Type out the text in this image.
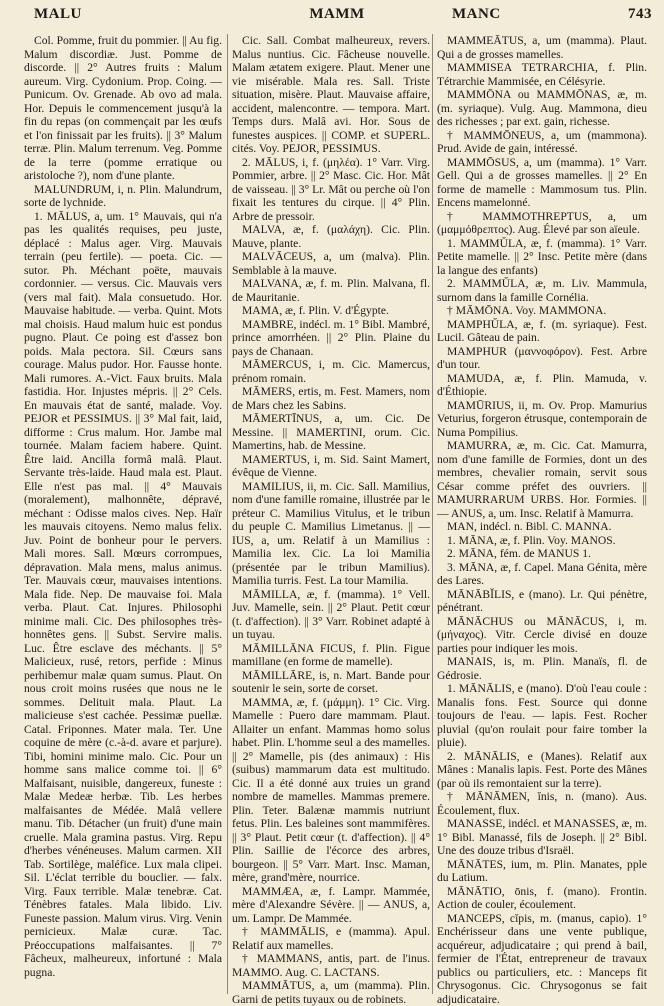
MALU	MAMM	MANC	743

Col. Pomme, fruit du pommier. || Au fig. Malum discordiæ. Just. Pomme de discorde. || 2° Autres fruits : Malum aureum. Virg. Cydonium. Prop. Coing. — Punicum. Ov. Grenade. Ab ovo ad mala. Hor. Depuis le commencement jusqu'à la fin du repas (on commençait par les œufs et l'on finissait par les fruits). || 3° Malum terræ. Plin. Malum terrenum. Veg. Pomme de la terre (pomme erratique ou aristoloche ?), nom d'une plante.

MALUNDRUM, i, n. Plin. Malundrum, sorte de lychnide.

1. MĀLUS, a, um. 1° Mauvais, qui n'a pas les qualités requises, peu juste, déplacé : Malus ager. Virg. Mauvais terrain (peu fertile). — poeta. Cic. — sutor. Ph. Méchant poëte, mauvais cordonnier. — versus. Cic. Mauvais vers (vers mal fait). Mala consuetudo. Hor. Mauvaise habitude. — verba. Quint. Mots mal choisis. Haud malum huic est pondus pugno. Plaut. Ce poing est d'assez bon poids. Mala pectora. Sil. Cœurs sans courage. Malus pudor. Hor. Fausse honte. Mali rumores. A.-Vict. Faux bruits. Mala fastidia. Hor. Injustes mépris. || 2° Cels. En mauvais état de santé, malade. Voy. PEJOR et PESSIMUS. || 3° Mal fait, laid, difforme : Crus malum. Hor. Jambe mal tournée. Malam faciem habere. Quint. Être laid. Ancilla formâ malâ. Plaut. Servante très-laide. Haud mala est. Plaut. Elle n'est pas mal. || 4° Mauvais (moralement), malhonnête, dépravé, méchant : Odisse malos cives. Nep. Haïr les mauvais citoyens. Nemo malus felix. Juv. Point de bonheur pour le pervers. Mali mores. Sall. Mœurs corrompues, dépravation. Mala mens, malus animus. Ter. Mauvais cœur, mauvaises intentions. Mala fide. Nep. De mauvaise foi. Mala verba. Plaut. Cat. Injures. Philosophi minime mali. Cic. Des philosophes très-honnêtes gens. || Subst. Servire malis. Luc. Être esclave des méchants. || 5° Malicieux, rusé, retors, perfide : Minus perhibemur malæ quam sumus. Plaut. On nous croit moins rusées que nous ne le sommes. Delituit mala. Plaut. La malicieuse s'est cachée. Pessimæ puellæ. Catal. Friponnes. Mater mala. Ter. Une coquine de mère (c.-à-d. avare et parjure). Tibi, homini minime malo. Cic. Pour un homme sans malice comme toi. || 6° Malfaisant, nuisible, dangereux, funeste : Malæ Medeæ herbæ. Tib. Les herbes malfaisantes de Médée. Malâ vellere manu. Tib. Détacher (un fruit) d'une main cruelle. Mala gramina pastus. Virg. Repu d'herbes vénéneuses. Malum carmen. XII Tab. Sortilège, maléfice. Lux mala clipei. Sil. L'éclat terrible du bouclier. — falx. Virg. Faux terrible. Malæ tenebræ. Cat. Ténèbres fatales. Mala libido. Liv. Funeste passion. Malum virus. Virg. Venin pernicieux. Malæ curæ. Tac. Préoccupations malfaisantes. || 7° Fâcheux, malheureux, infortuné : Mala pugna.

Cic. Sall. Combat malheureux, revers. Malus nuntius. Cic. Fâcheuse nouvelle. Malam ætatem exigere. Plaut. Mener une vie misérable. Mala res. Sall. Triste situation, misère. Plaut. Mauvaise affaire, accident, malencontre. — tempora. Mart. Temps durs. Malâ avi. Hor. Sous de funestes auspices. || COMP. et SUPERL. cités. Voy. PEJOR, PESSIMUS.

2. MĀLUS, i, f. (μηλέα). 1° Varr. Virg. Pommier, arbre. || 2° Masc. Cic. Hor. Mât de vaisseau. || 3° Lr. Mât ou perche où l'on fixait les tentures du cirque. || 4° Plin. Arbre de pressoir.

MALVA, æ, f. (μαλάχη). Cic. Plin. Mauve, plante.

MALVĀCEUS, a, um (malva). Plin. Semblable à la mauve.

MALVANA, æ, f. m. Plin. Malvana, fl. de Mauritanie.

MAMA, æ, f. Plin. V. d'Égypte.

MAMBRE, indécl. m. 1° Bibl. Mambré, prince amorrhéen. || 2° Plin. Plaine du pays de Chanaan.

MĀMERCUS, i, m. Cic. Mamercus, prénom romain.

MĀMERS, ertis, m. Fest. Mamers, nom de Mars chez les Sabins.

MĀMERTĪNUS, a, um. Cic. De Messine. || MAMERTINI, orum. Cic. Mamertins, hab. de Messine.

MAMERTUS, i, m. Sid. Saint Mamert, évêque de Vienne.

MAMILIUS, ii, m. Cic. Sall. Mamilius, nom d'une famille romaine, illustrée par le préteur C. Mamilius Vitulus, et le tribun du peuple C. Mamilius Limetanus. || — IUS, a, um. Relatif à un Mamilius : Mamilia lex. Cic. La loi Mamilia (présentée par le tribun Mamilius). Mamilia turris. Fest. La tour Mamilia.

MĀMILLA, æ, f. (mamma). 1° Vell. Juv. Mamelle, sein. || 2° Plaut. Petit cœur (t. d'affection). || 3° Varr. Robinet adapté à un tuyau.

MĀMILLĀNA FICUS, f. Plin. Figue mamillane (en forme de mamelle).

MĀMILLĀRE, is, n. Mart. Bande pour soutenir le sein, sorte de corset.

MAMMA, æ, f. (μάμμη). 1° Cic. Virg. Mamelle : Puero dare mammam. Plaut. Allaiter un enfant. Mammas homo solus habet. Plin. L'homme seul a des mamelles. || 2° Mamelle, pis (des animaux) : His (suibus) mammarum data est multitudo. Cic. Il a été donné aux truies un grand nombre de mamelles. Mammas premere. Plin. Teter. Balænæ mammis nutriunt fetus. Plin. Les baleines sont mammifères. || 3° Plaut. Petit cœur (t. d'affection). || 4° Plin. Saillie de l'écorce des arbres, bourgeon. || 5° Varr. Mart. Insc. Maman, mère, grand'mère, nourrice.

MAMMÆA, æ, f. Lampr. Mammée, mère d'Alexandre Sévère. || — ANUS, a, um. Lampr. De Mammée.

† MAMMĀLIS, e (mamma). Apul. Relatif aux mamelles.

† MAMMANS, antis, part. de l'inus. MAMMO. Aug. C. LACTANS.

MAMMĀTUS, a, um (mamma). Plin. Garni de petits tuyaux ou de robinets.

MAMMEĀTUS, a, um (mamma). Plaut. Qui a de grosses mamelles.

MAMMISEA TETRARCHIA, f. Plin. Tétrarchie Mammisée, en Célésyrie.

MAMMŌNA ou MAMMŌNAS, æ, m. (m. syriaque). Vulg. Aug. Mammona, dieu des richesses ; par ext. gain, richesse.

† MAMMŌNEUS, a, um (mammona). Prud. Avide de gain, intéressé.

MAMMŌSUS, a, um (mamma). 1° Varr. Gell. Qui a de grosses mamelles. || 2° En forme de mamelle : Mammosum tus. Plin. Encens mamelonné.

† MAMMOTHREPTUS, a, um (μαμμόθρεπτος). Aug. Élevé par son aïeule.

1. MAMMŬLA, æ, f. (mamma). 1° Varr. Petite mamelle. || 2° Insc. Petite mère (dans la langue des enfants)

2. MAMMŬLA, æ, m. Liv. Mammula, surnom dans la famille Cornélia.

† MĀMŌNA. Voy. MAMMONA.

MAMPHŬLA, æ, f. (m. syriaque). Fest. Lucil. Gâteau de pain.

MAMPHUR (μαννοφόρον). Fest. Arbre d'un tour.

MAMUDA, æ, f. Plin. Mamuda, v. d'Éthiopie.

MAMŪRIUS, ii, m. Ov. Prop. Mamurius Veturius, forgeron étrusque, contemporain de Numa Pompilius.

MAMURRA, æ, m. Cic. Cat. Mamurra, nom d'une famille de Formies, dont un des membres, chevalier romain, servit sous César comme préfet des ouvriers. || MAMURRARUM URBS. Hor. Formies. || — ANUS, a, um. Insc. Relatif à Mamurra.

MAN, indécl. n. Bibl. C. MANNA.

1. MĀNA, æ, f. Plin. Voy. MANOS.

2. MĀNA, fém. de MANUS 1.

3. MĀNA, æ, f. Capel. Mana Génita, mère des Lares.

MĀNĀBĬLIS, e (mano). Lr. Qui pénètre, pénétrant.

MĀNĀCHUS ou MĀNĀCUS, i, m. (μήναχος). Vitr. Cercle divisé en douze parties pour indiquer les mois.

MANAIS, is, m. Plin. Manaïs, fl. de Gédrosie.

1. MĀNĀLIS, e (mano). D'où l'eau coule : Manalis fons. Fest. Source qui donne toujours de l'eau. — lapis. Fest. Rocher pluvial (qu'on roulait pour faire tomber la pluie).

2. MĀNĀLIS, e (Manes). Relatif aux Mânes : Manalis lapis. Fest. Porte des Mânes (par où ils remontaient sur la terre).

† MĀNĀMEN, ĭnis, n. (mano). Aus. Écoulement, flux.

MANASSE, indécl. et MANASSES, æ, m. 1° Bibl. Manassé, fils de Joseph. || 2° Bibl. Une des douze tribus d'Israël.

MĀNĀTES, ium, m. Plin. Manates, pple du Latium.

MĀNĀTIO, ōnis, f. (mano). Frontin. Action de couler, écoulement.

MANCEPS, cĭpis, m. (manus, capio). 1° Enchérisseur dans une vente publique, acquéreur, adjudicataire ; qui prend à bail, fermier de l'État, entrepreneur de travaux publics ou particuliers, etc. : Manceps fit Chrysogonus. Cic. Chrysogonus se fait adjudicataire.
